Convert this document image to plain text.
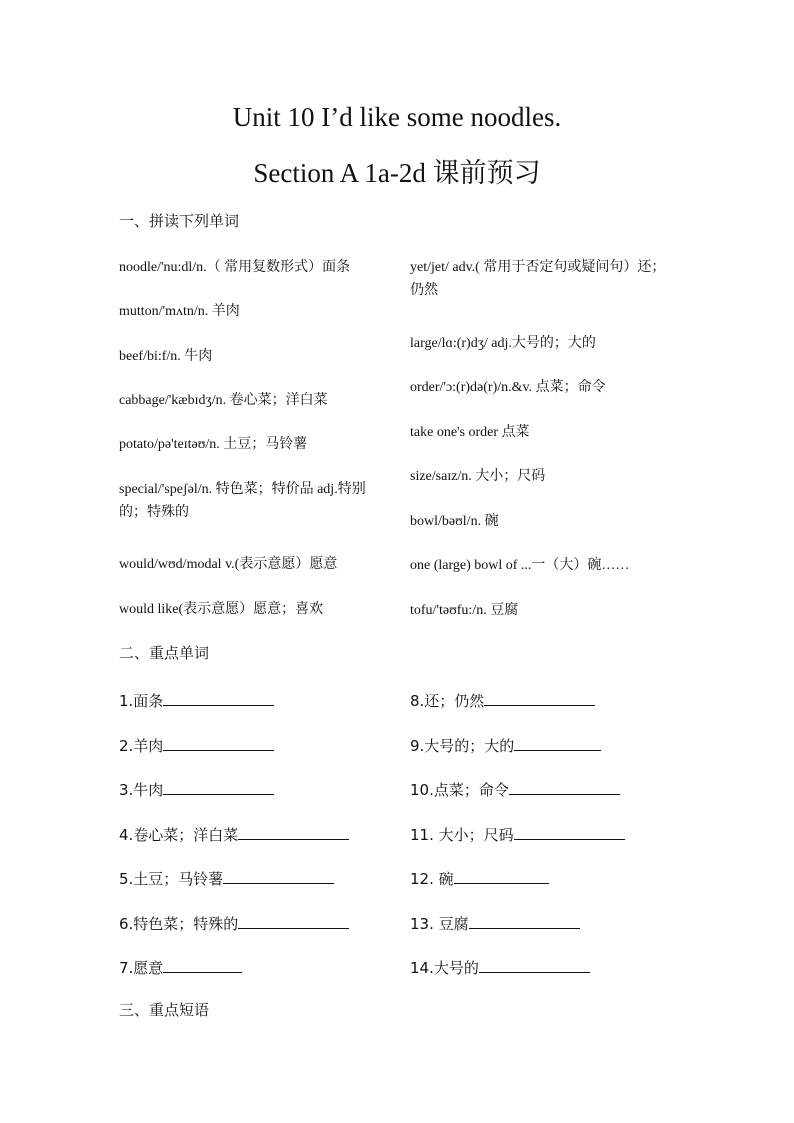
Unit 10 I’d like some noodles.
Section A 1a-2d 课前预习
一、拼读下列单词
noodle/'nu:dl/n.（ 常用复数形式）面条
mutton/'mʌtn/n. 羊肉
beef/bi:f/n. 牛肉
cabbage/'kæbɪdʒ/n. 卷心菜；洋白菜
potato/pə'teɪtəʊ/n. 土豆；马铃薯
special/'speʃəl/n. 特色菜；特价品 adj.特别的；特殊的
would/wʊd/modal v.(表示意愿）愿意
would like(表示意愿）愿意；喜欢
yet/jet/ adv.( 常用于否定句或疑问句）还；仍然
large/lɑ:(r)dʒ/ adj.大号的；大的
order/'ɔ:(r)də(r)/n.&v. 点菜；命令
take one's order 点菜
size/saɪz/n. 大小；尺码
bowl/bəʊl/n. 碗
one (large) bowl of ...一（大）碗……
tofu/'təʊfu:/n. 豆腐
二、重点单词
1.面条
2.羊肉
3.牛肉
4.卷心菜；洋白菜
5.土豆；马铃薯
6.特色菜；特殊的
7.愿意
8.还；仍然
9.大号的；大的
10.点菜；命令
11. 大小；尺码
12. 碗
13. 豆腐
14.大号的
三、重点短语
